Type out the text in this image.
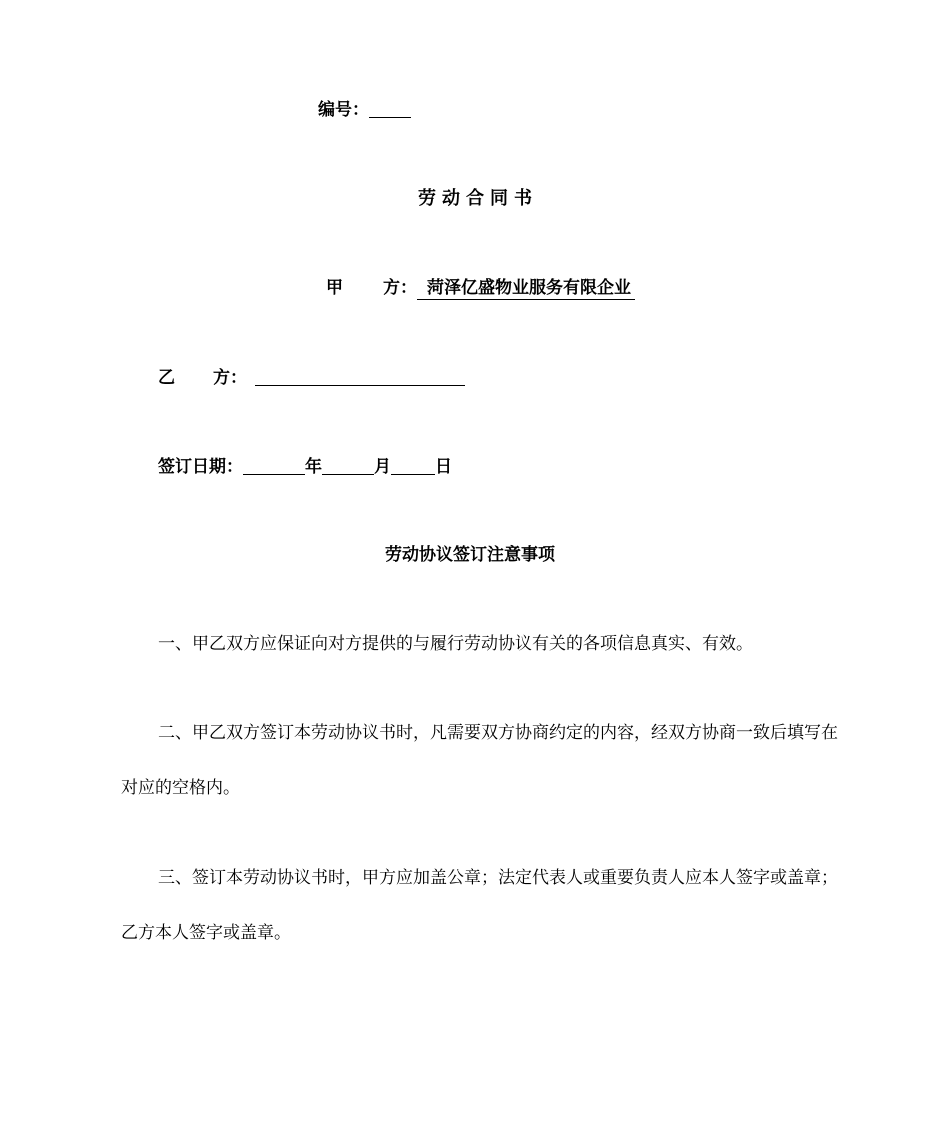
编号：
劳动合同书
甲 方： 菏泽亿盛物业服务有限企业
乙 方：
签订日期：	年	月	日
劳动协议签订注意事项

一、甲乙双方应保证向对方提供的与履行劳动协议有关的各项信息真实、有效。

二、甲乙双方签订本劳动协议书时，凡需要双方协商约定的内容，经双方协商一致后填写在对应的空格内。

三、签订本劳动协议书时，甲方应加盖公章；法定代表人或重要负责人应本人签字或盖章；乙方本人签字或盖章。
